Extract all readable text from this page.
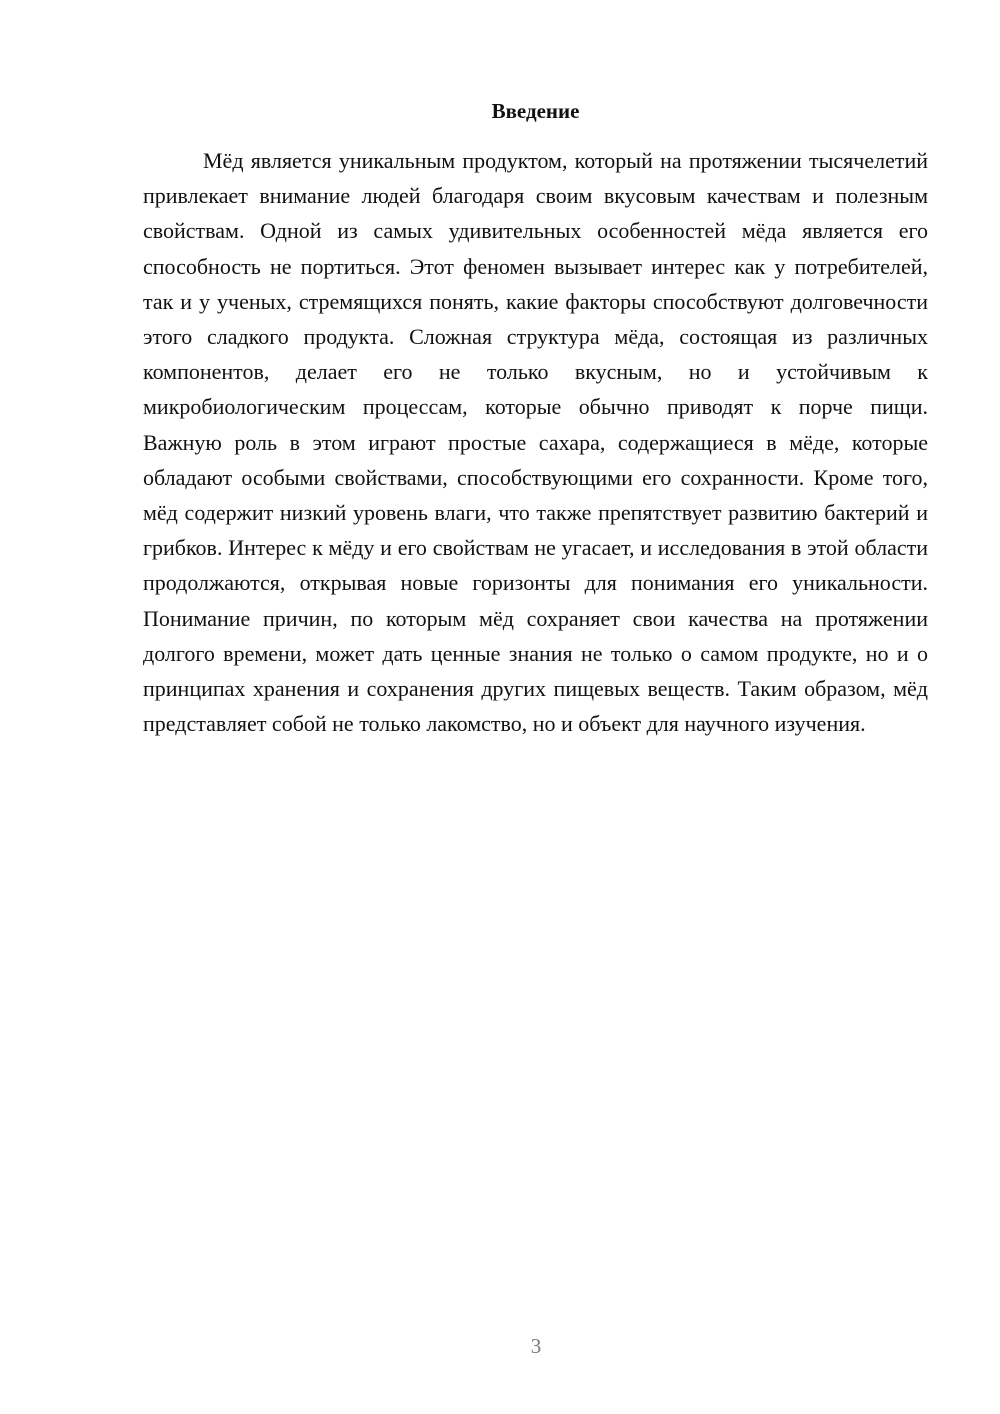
Введение

Мёд является уникальным продуктом, который на протяжении тысячелетий привлекает внимание людей благодаря своим вкусовым качествам и полезным свойствам. Одной из самых удивительных особенностей мёда является его способность не портиться. Этот феномен вызывает интерес как у потребителей, так и у ученых, стремящихся понять, какие факторы способствуют долговечности этого сладкого продукта. Сложная структура мёда, состоящая из различных компонентов, делает его не только вкусным, но и устойчивым к микробиологическим процессам, которые обычно приводят к порче пищи. Важную роль в этом играют простые сахара, содержащиеся в мёде, которые обладают особыми свойствами, способствующими его сохранности. Кроме того, мёд содержит низкий уровень влаги, что также препятствует развитию бактерий и грибков. Интерес к мёду и его свойствам не угасает, и исследования в этой области продолжаются, открывая новые горизонты для понимания его уникальности. Понимание причин, по которым мёд сохраняет свои качества на протяжении долгого времени, может дать ценные знания не только о самом продукте, но и о принципах хранения и сохранения других пищевых веществ. Таким образом, мёд представляет собой не только лакомство, но и объект для научного изучения.

3
